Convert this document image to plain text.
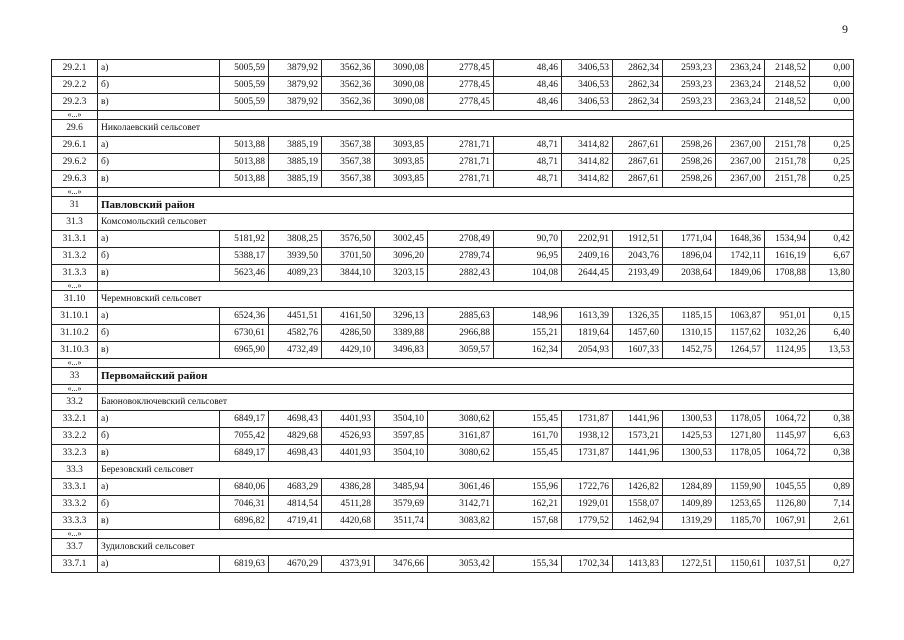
9
29.2.1	а)	5005,59	3879,92	3562,36	3090,08	2778,45	48,46	3406,53	2862,34	2593,23	2363,24	2148,52	0,00
29.2.2	б)	5005,59	3879,92	3562,36	3090,08	2778,45	48,46	3406,53	2862,34	2593,23	2363,24	2148,52	0,00
29.2.3	в)	5005,59	3879,92	3562,36	3090,08	2778,45	48,46	3406,53	2862,34	2593,23	2363,24	2148,52	0,00
«...»													
29.6	Николаевский сельсовет												
29.6.1	а)	5013,88	3885,19	3567,38	3093,85	2781,71	48,71	3414,82	2867,61	2598,26	2367,00	2151,78	0,25
29.6.2	б)	5013,88	3885,19	3567,38	3093,85	2781,71	48,71	3414,82	2867,61	2598,26	2367,00	2151,78	0,25
29.6.3	в)	5013,88	3885,19	3567,38	3093,85	2781,71	48,71	3414,82	2867,61	2598,26	2367,00	2151,78	0,25
«...»													
31	Павловский район												
31.3	Комсомольский сельсовет												
31.3.1	а)	5181,92	3808,25	3576,50	3002,45	2708,49	90,70	2202,91	1912,51	1771,04	1648,36	1534,94	0,42
31.3.2	б)	5388,17	3939,50	3701,50	3096,20	2789,74	96,95	2409,16	2043,76	1896,04	1742,11	1616,19	6,67
31.3.3	в)	5623,46	4089,23	3844,10	3203,15	2882,43	104,08	2644,45	2193,49	2038,64	1849,06	1708,88	13,80
«...»													
31.10	Черемновский сельсовет												
31.10.1	а)	6524,36	4451,51	4161,50	3296,13	2885,63	148,96	1613,39	1326,35	1185,15	1063,87	951,01	0,15
31.10.2	б)	6730,61	4582,76	4286,50	3389,88	2966,88	155,21	1819,64	1457,60	1310,15	1157,62	1032,26	6,40
31.10.3	в)	6965,90	4732,49	4429,10	3496,83	3059,57	162,34	2054,93	1607,33	1452,75	1264,57	1124,95	13,53
«...»													
33	Первомайский район												
«...»													
33.2	Баюновоключевский сельсовет												
33.2.1	а)	6849,17	4698,43	4401,93	3504,10	3080,62	155,45	1731,87	1441,96	1300,53	1178,05	1064,72	0,38
33.2.2	б)	7055,42	4829,68	4526,93	3597,85	3161,87	161,70	1938,12	1573,21	1425,53	1271,80	1145,97	6,63
33.2.3	в)	6849,17	4698,43	4401,93	3504,10	3080,62	155,45	1731,87	1441,96	1300,53	1178,05	1064,72	0,38
33.3	Березовский сельсовет												
33.3.1	а)	6840,06	4683,29	4386,28	3485,94	3061,46	155,96	1722,76	1426,82	1284,89	1159,90	1045,55	0,89
33.3.2	б)	7046,31	4814,54	4511,28	3579,69	3142,71	162,21	1929,01	1558,07	1409,89	1253,65	1126,80	7,14
33.3.3	в)	6896,82	4719,41	4420,68	3511,74	3083,82	157,68	1779,52	1462,94	1319,29	1185,70	1067,91	2,61
«...»													
33.7	Зудиловский сельсовет												
33.7.1	а)	6819,63	4670,29	4373,91	3476,66	3053,42	155,34	1702,34	1413,83	1272,51	1150,61	1037,51	0,27
